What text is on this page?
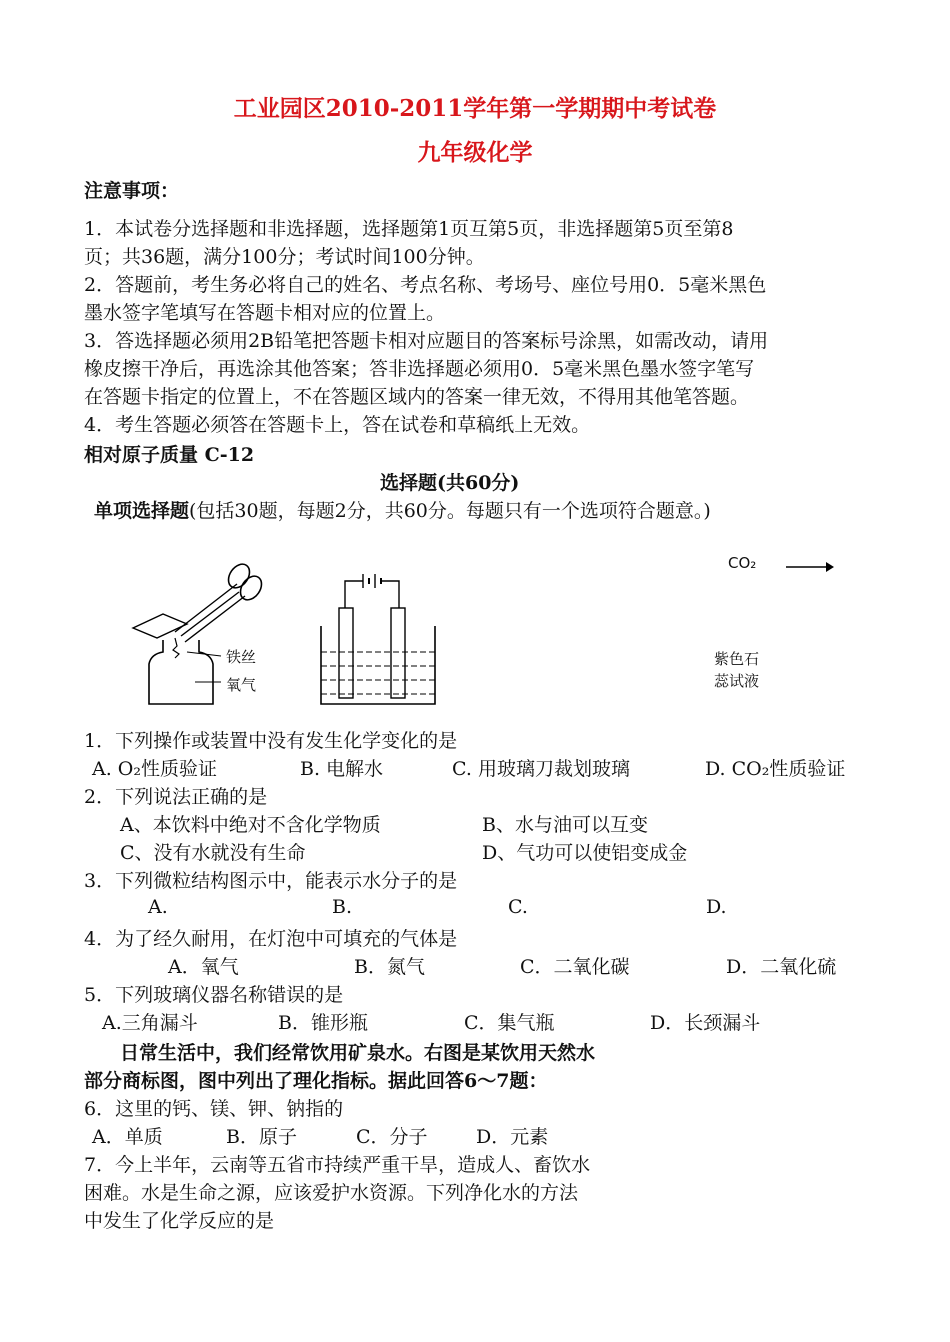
工业园区2010-2011学年第一学期期中考试卷
九年级化学
注意事项：
1．本试卷分选择题和非选择题，选择题第1页互第5页，非选择题第5页至第8
页；共36题，满分100分；考试时间100分钟。
2．答题前，考生务必将自己的姓名、考点名称、考场号、座位号用0．5毫米黑色
墨水签字笔填写在答题卡相对应的位置上。
3．答选择题必须用2B铅笔把答题卡相对应题目的答案标号涂黑，如需改动，请用
橡皮擦干净后，再选涂其他答案；答非选择题必须用0．5毫米黑色墨水签字笔写
在答题卡指定的位置上，不在答题区域内的答案一律无效，不得用其他笔答题。
4．考生答题必须答在答题卡上，答在试卷和草稿纸上无效。
相对原子质量 C-12
选择题(共60分)
单项选择题(包括30题，每题2分，共60分。每题只有一个选项符合题意。)
铁丝
氧气
CO₂
紫色石
蕊试液
1．下列操作或装置中没有发生化学变化的是
A. O₂性质验证	B. 电解水	C. 用玻璃刀裁划玻璃	D. CO₂性质验证
2．下列说法正确的是
A、本饮料中绝对不含化学物质	B、水与油可以互变
C、没有水就没有生命	D、气功可以使铝变成金
3．下列微粒结构图示中，能表示水分子的是
A.	B.	C.	D.
4．为了经久耐用，在灯泡中可填充的气体是
A．氧气	B．氮气	C．二氧化碳	D．二氧化硫
5．下列玻璃仪器名称错误的是
A.三角漏斗	B．锥形瓶	C．集气瓶	D．长颈漏斗
日常生活中，我们经常饮用矿泉水。右图是某饮用天然水
部分商标图，图中列出了理化指标。据此回答6～7题：
6．这里的钙、镁、钾、钠指的
A．单质	B．原子	C．分子	D．元素
7．今上半年，云南等五省市持续严重干旱，造成人、畜饮水
困难。水是生命之源，应该爱护水资源。下列净化水的方法
中发生了化学反应的是
